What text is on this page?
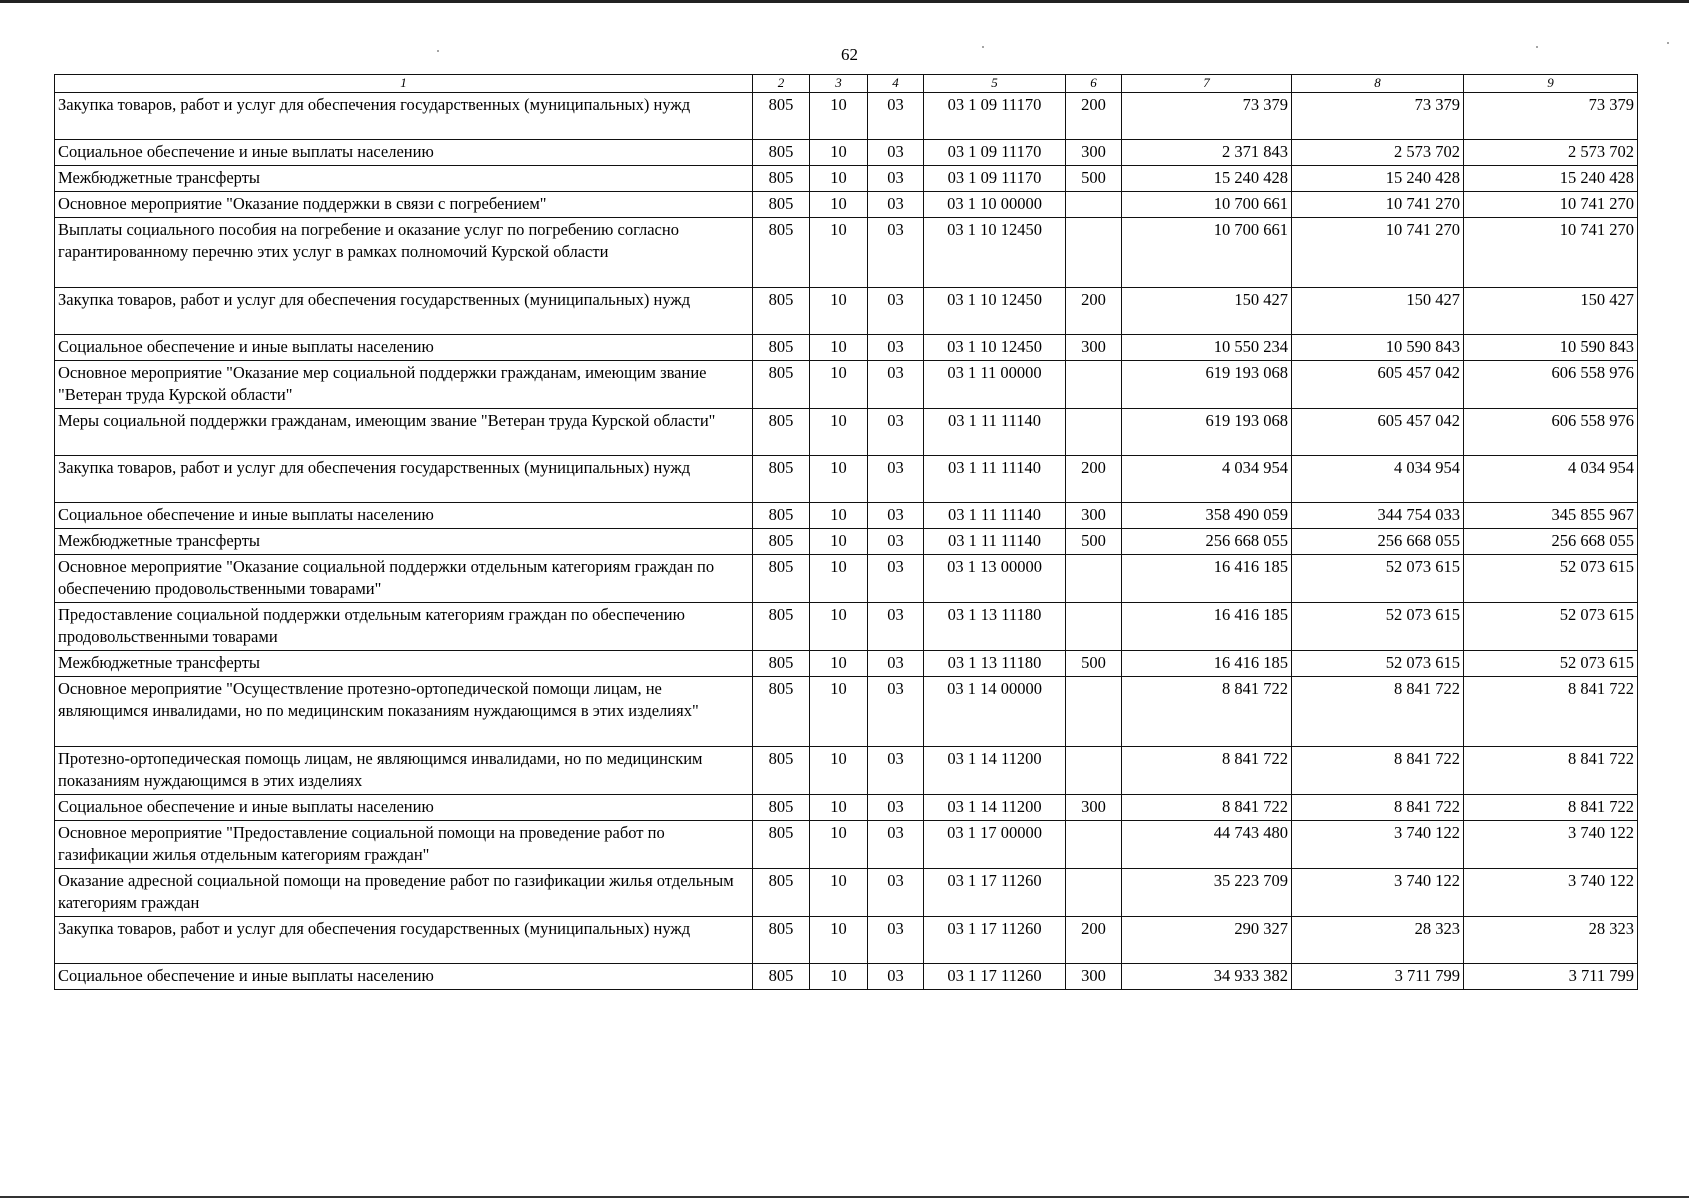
62
1	2	3	4	5	6	7	8	9
Закупка товаров, работ и услуг для обеспечения государственных (муниципальных) нужд	805	10	03	03 1 09 11170	200	73 379	73 379	73 379
Социальное обеспечение и иные выплаты населению	805	10	03	03 1 09 11170	300	2 371 843	2 573 702	2 573 702
Межбюджетные трансферты	805	10	03	03 1 09 11170	500	15 240 428	15 240 428	15 240 428
Основное мероприятие "Оказание поддержки в связи с погребением"	805	10	03	03 1 10 00000		10 700 661	10 741 270	10 741 270
Выплаты социального пособия на погребение и оказание услуг по погребению согласно гарантированному перечню этих услуг в рамках полномочий Курской области	805	10	03	03 1 10 12450		10 700 661	10 741 270	10 741 270
Закупка товаров, работ и услуг для обеспечения государственных (муниципальных) нужд	805	10	03	03 1 10 12450	200	150 427	150 427	150 427
Социальное обеспечение и иные выплаты населению	805	10	03	03 1 10 12450	300	10 550 234	10 590 843	10 590 843
Основное мероприятие "Оказание мер социальной поддержки гражданам, имеющим звание "Ветеран труда Курской области"	805	10	03	03 1 11 00000		619 193 068	605 457 042	606 558 976
Меры социальной поддержки гражданам, имеющим звание "Ветеран труда Курской области"	805	10	03	03 1 11 11140		619 193 068	605 457 042	606 558 976
Закупка товаров, работ и услуг для обеспечения государственных (муниципальных) нужд	805	10	03	03 1 11 11140	200	4 034 954	4 034 954	4 034 954
Социальное обеспечение и иные выплаты населению	805	10	03	03 1 11 11140	300	358 490 059	344 754 033	345 855 967
Межбюджетные трансферты	805	10	03	03 1 11 11140	500	256 668 055	256 668 055	256 668 055
Основное мероприятие "Оказание социальной поддержки отдельным категориям граждан по обеспечению продовольственными товарами"	805	10	03	03 1 13 00000		16 416 185	52 073 615	52 073 615
Предоставление социальной поддержки отдельным категориям граждан по обеспечению продовольственными товарами	805	10	03	03 1 13 11180		16 416 185	52 073 615	52 073 615
Межбюджетные трансферты	805	10	03	03 1 13 11180	500	16 416 185	52 073 615	52 073 615
Основное мероприятие "Осуществление протезно-ортопедической помощи лицам, не являющимся инвалидами, но по медицинским показаниям нуждающимся в этих изделиях"	805	10	03	03 1 14 00000		8 841 722	8 841 722	8 841 722
Протезно-ортопедическая помощь лицам, не являющимся инвалидами, но по медицинским показаниям нуждающимся в этих изделиях	805	10	03	03 1 14 11200		8 841 722	8 841 722	8 841 722
Социальное обеспечение и иные выплаты населению	805	10	03	03 1 14 11200	300	8 841 722	8 841 722	8 841 722
Основное мероприятие "Предоставление социальной помощи на проведение работ по газификации жилья отдельным категориям граждан"	805	10	03	03 1 17 00000		44 743 480	3 740 122	3 740 122
Оказание адресной социальной помощи на проведение работ по газификации жилья отдельным категориям граждан	805	10	03	03 1 17 11260		35 223 709	3 740 122	3 740 122
Закупка товаров, работ и услуг для обеспечения государственных (муниципальных) нужд	805	10	03	03 1 17 11260	200	290 327	28 323	28 323
Социальное обеспечение и иные выплаты населению	805	10	03	03 1 17 11260	300	34 933 382	3 711 799	3 711 799
